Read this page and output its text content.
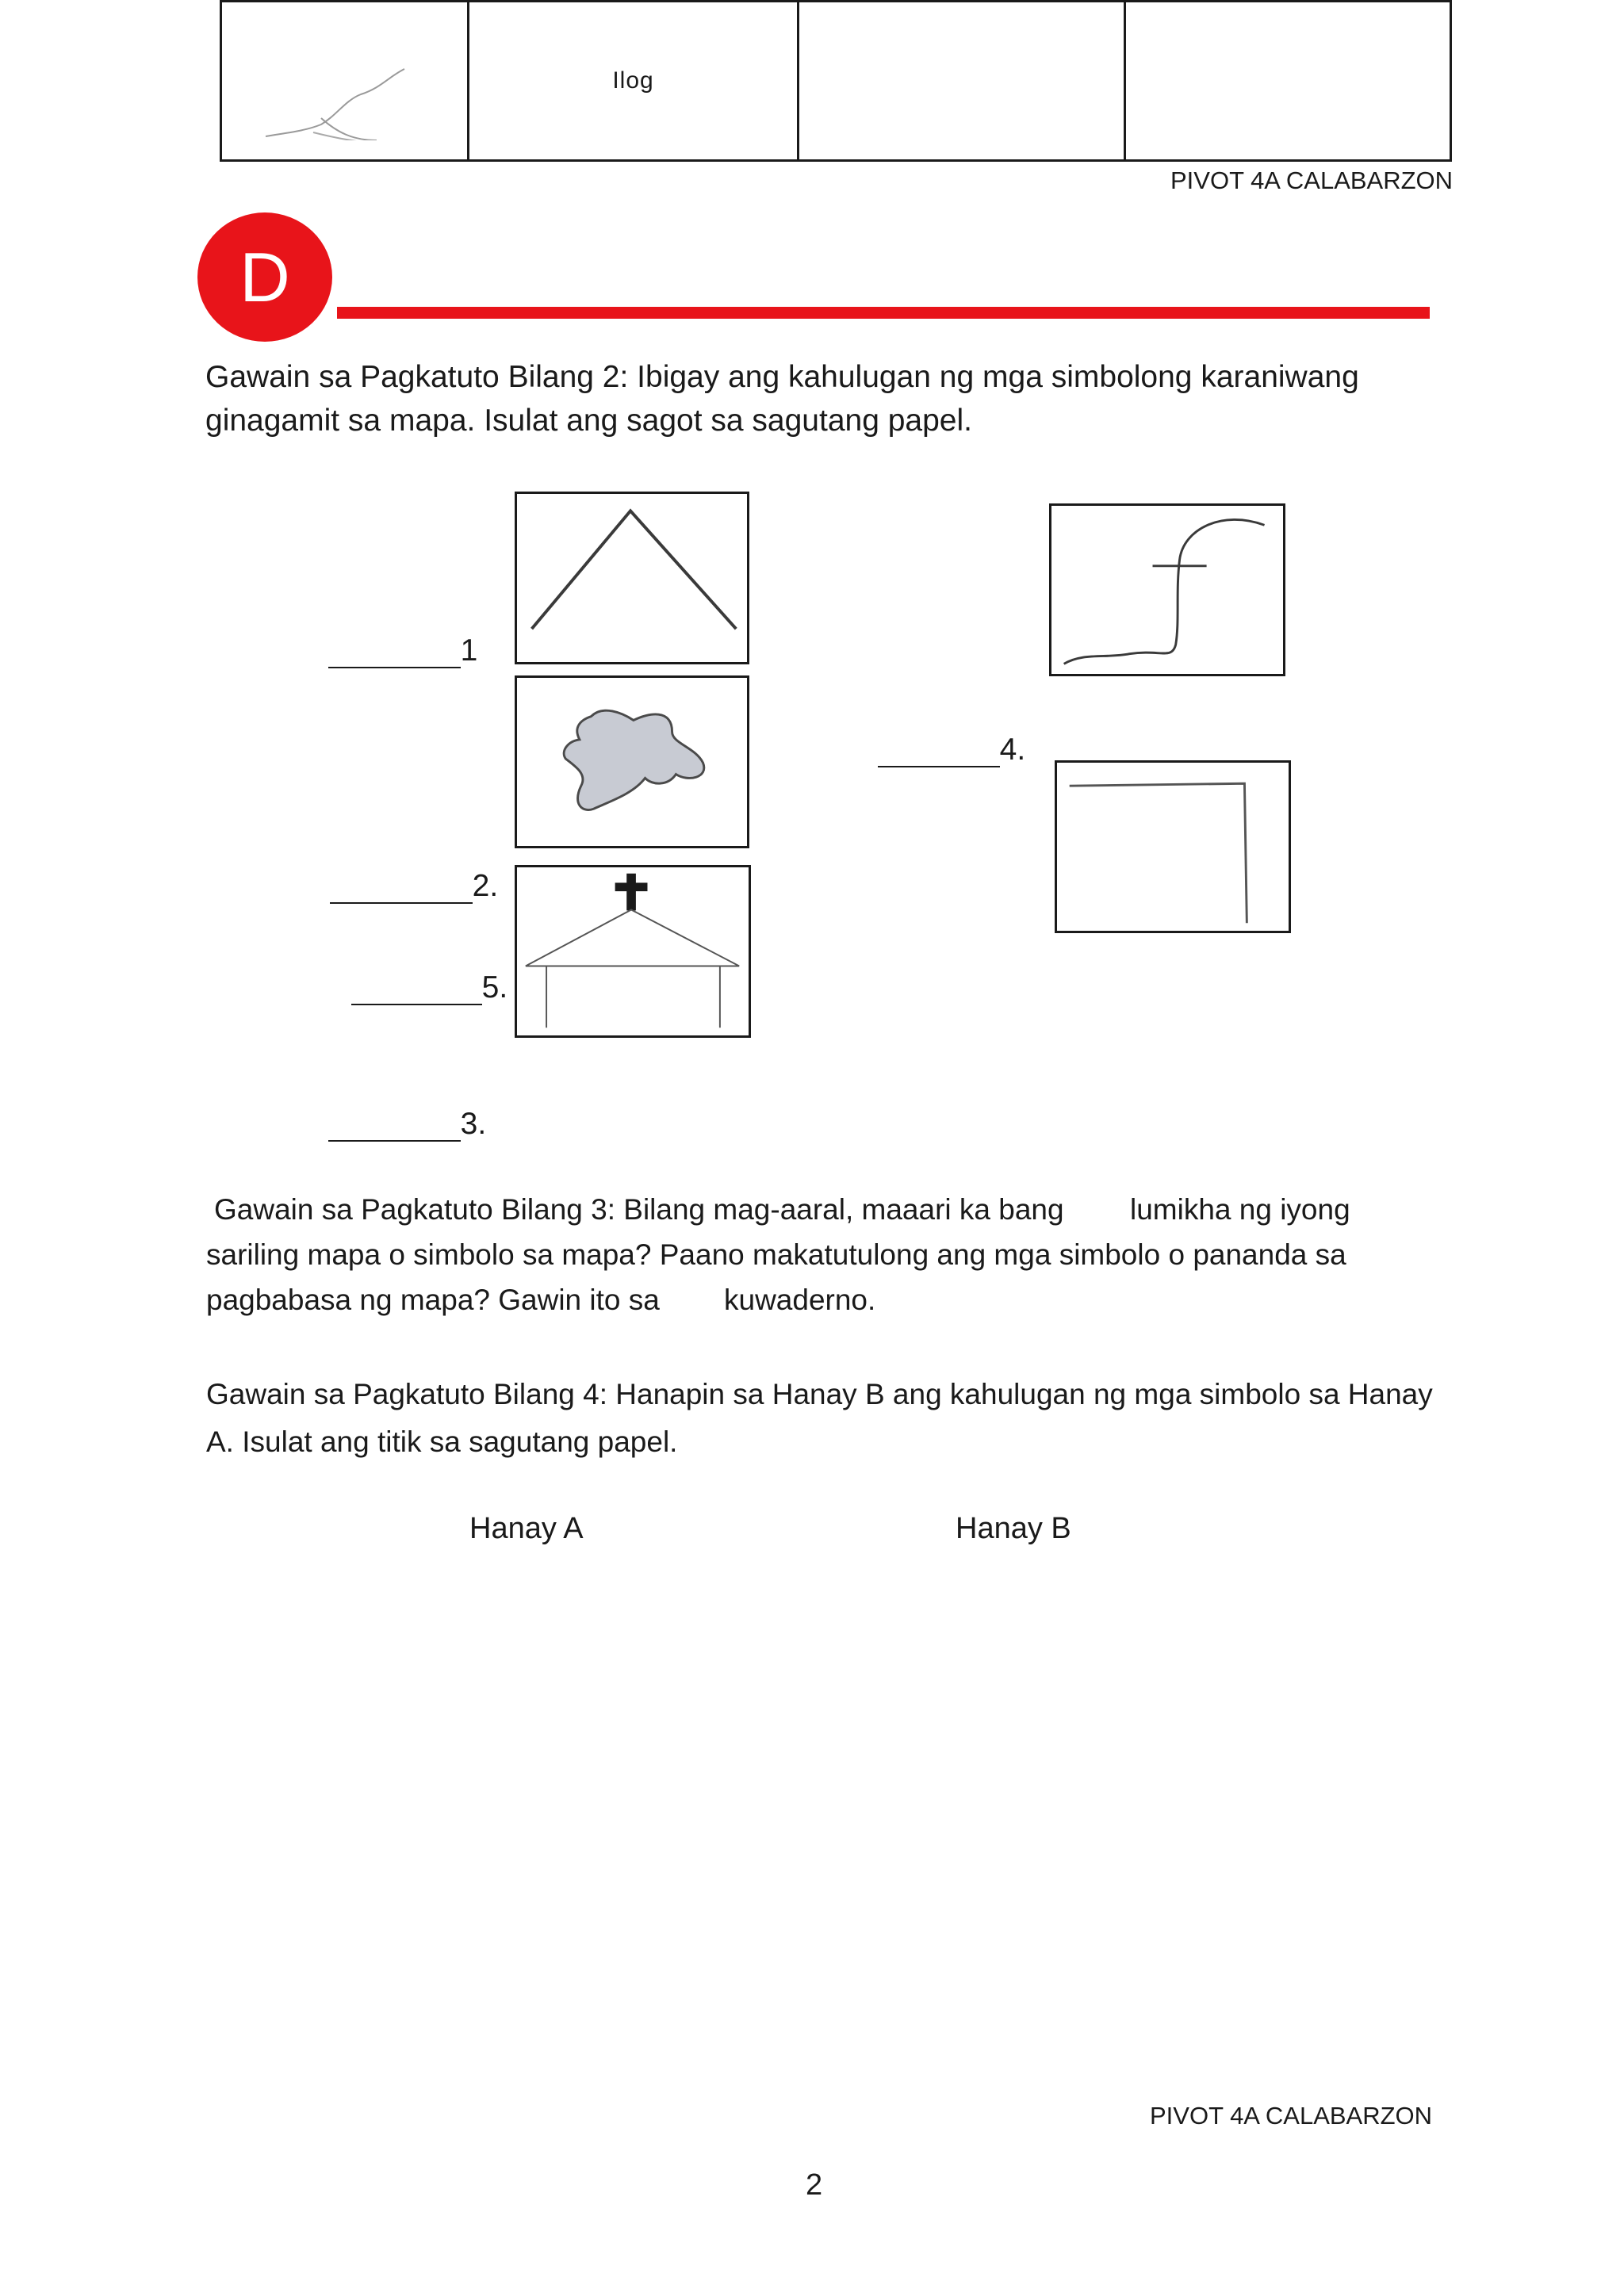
Ilog
PIVOT 4A CALABARZON
D
Gawain sa Pagkatuto Bilang 2: Ibigay ang kahulugan ng mga simbolong karaniwang
ginagamit sa mapa. Isulat ang sagot sa sagutang papel.

1

2.

5.

3.

4.

Gawain sa Pagkatuto Bilang 3: Bilang mag-aaral, maaari ka bang lumikha ng iyong
sariling mapa o simbolo sa mapa? Paano makatutulong ang mga simbolo o pananda sa
pagbabasa ng mapa? Gawin ito sa kuwaderno.
Gawain sa Pagkatuto Bilang 4: Hanapin sa Hanay B ang kahulugan ng mga simbolo sa Hanay
A. Isulat ang titik sa sagutang papel.
Hanay A	Hanay B
PIVOT 4A CALABARZON
2
